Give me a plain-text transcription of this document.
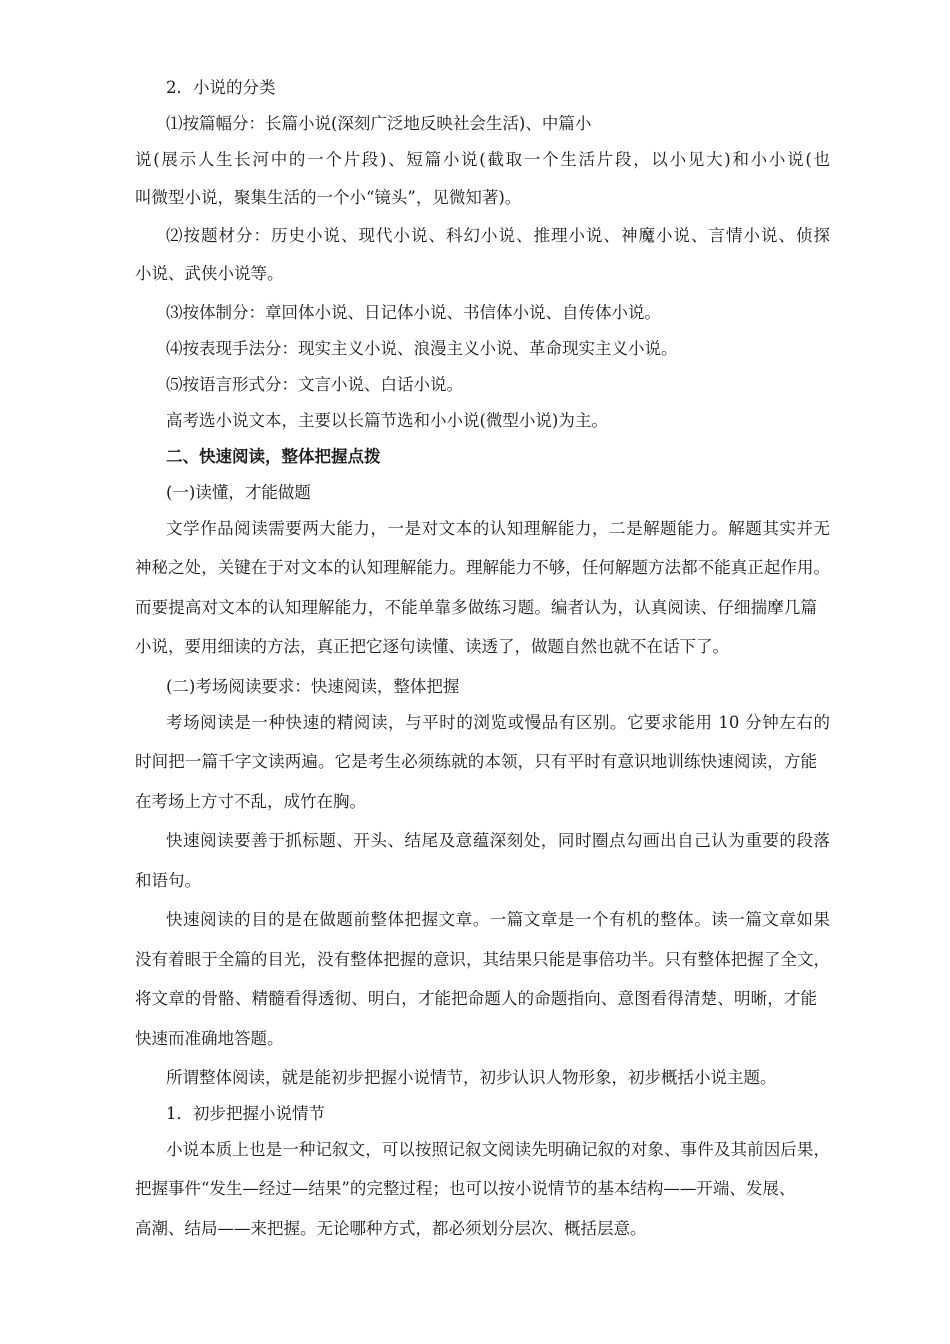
2．小说的分类
⑴按篇幅分：长篇小说(深刻广泛地反映社会生活)、中篇小
说(展示人生长河中的一个片段)、短篇小说(截取一个生活片段，以小见大)和小小说(也
叫微型小说，聚集生活的一个小“镜头”，见微知著)。
⑵按题材分：历史小说、现代小说、科幻小说、推理小说、神魔小说、言情小说、侦探
小说、武侠小说等。
⑶按体制分：章回体小说、日记体小说、书信体小说、自传体小说。
⑷按表现手法分：现实主义小说、浪漫主义小说、革命现实主义小说。
⑸按语言形式分：文言小说、白话小说。
高考选小说文本，主要以长篇节选和小小说(微型小说)为主。
二、快速阅读，整体把握点拨
(一)读懂，才能做题
文学作品阅读需要两大能力，一是对文本的认知理解能力，二是解题能力。解题其实并无
神秘之处，关键在于对文本的认知理解能力。理解能力不够，任何解题方法都不能真正起作用。
而要提高对文本的认知理解能力，不能单靠多做练习题。编者认为，认真阅读、仔细揣摩几篇
小说，要用细读的方法，真正把它逐句读懂、读透了，做题自然也就不在话下了。
(二)考场阅读要求：快速阅读，整体把握
考场阅读是一种快速的精阅读，与平时的浏览或慢品有区别。它要求能用 10 分钟左右的
时间把一篇千字文读两遍。它是考生必须练就的本领，只有平时有意识地训练快速阅读，方能
在考场上方寸不乱，成竹在胸。
快速阅读要善于抓标题、开头、结尾及意蕴深刻处，同时圈点勾画出自己认为重要的段落
和语句。
快速阅读的目的是在做题前整体把握文章。一篇文章是一个有机的整体。读一篇文章如果
没有着眼于全篇的目光，没有整体把握的意识，其结果只能是事倍功半。只有整体把握了全文，
将文章的骨骼、精髓看得透彻、明白，才能把命题人的命题指向、意图看得清楚、明晰，才能
快速而准确地答题。
所谓整体阅读，就是能初步把握小说情节，初步认识人物形象，初步概括小说主题。
1．初步把握小说情节
小说本质上也是一种记叙文，可以按照记叙文阅读先明确记叙的对象、事件及其前因后果，
把握事件“发生—经过—结果”的完整过程；也可以按小说情节的基本结构——开端、发展、
高潮、结局——来把握。无论哪种方式，都必须划分层次、概括层意。
